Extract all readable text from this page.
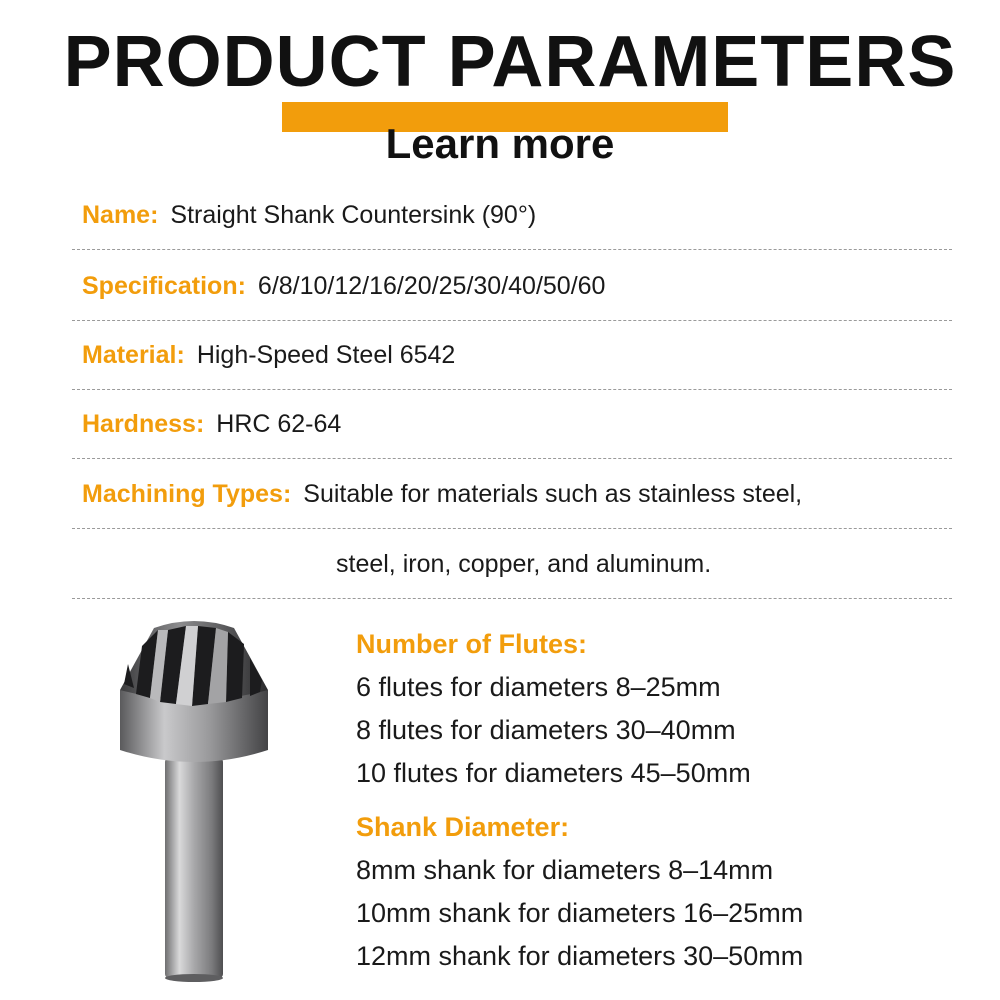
PRODUCT PARAMETERS
Learn more
Name: Straight Shank Countersink (90°)
Specification: 6/8/10/12/16/20/25/30/40/50/60
Material: High-Speed Steel 6542
Hardness: HRC 62-64
Machining Types: Suitable for materials such as stainless steel,
steel, iron, copper, and aluminum.
Number of Flutes:
6 flutes for diameters 8–25mm
8 flutes for diameters 30–40mm
10 flutes for diameters 45–50mm
Shank Diameter:
8mm shank for diameters 8–14mm
10mm shank for diameters 16–25mm
12mm shank for diameters 30–50mm
